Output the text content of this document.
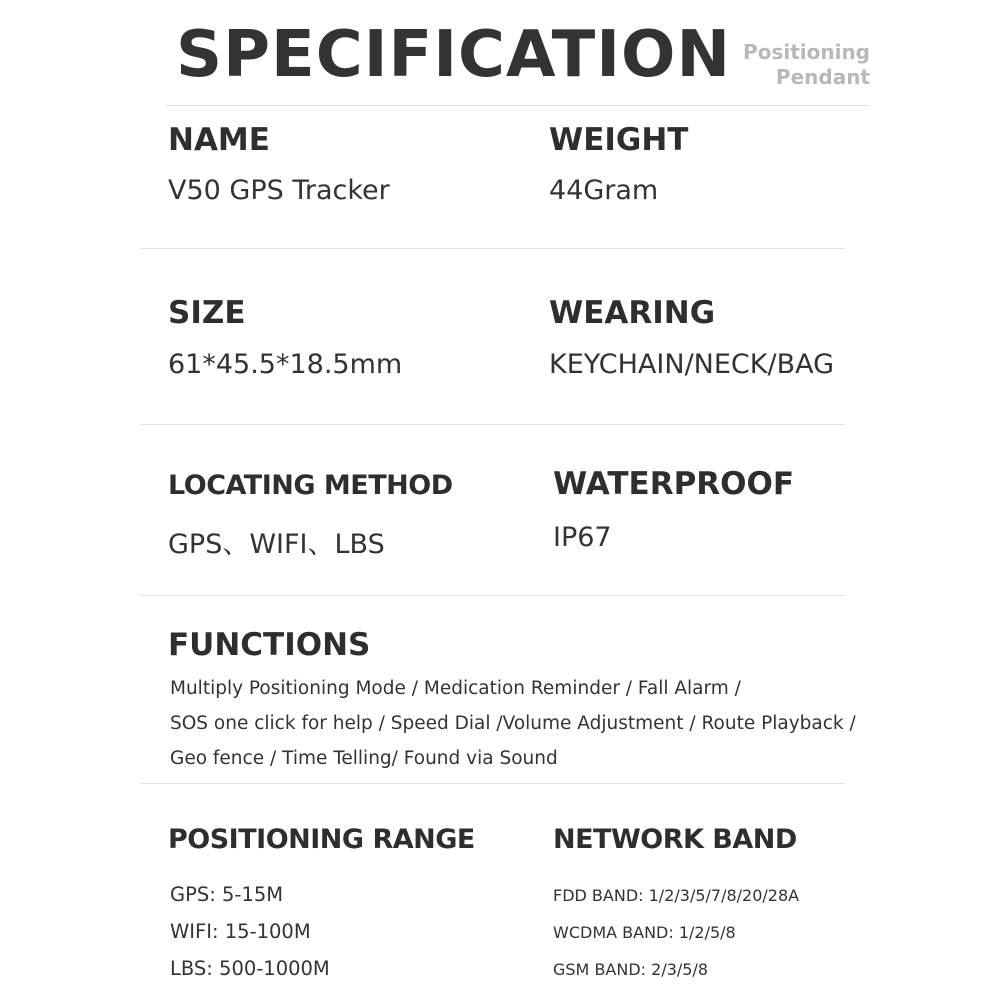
SPECIFICATION Positioning
Pendant
NAME
V50 GPS Tracker
WEIGHT
44Gram
SIZE
61*45.5*18.5mm
WEARING
KEYCHAIN/NECK/BAG
LOCATING METHOD
GPS、WIFI、LBS
WATERPROOF
IP67
FUNCTIONS
Multiply Positioning Mode / Medication Reminder / Fall Alarm /
SOS one click for help / Speed Dial /Volume Adjustment / Route Playback /
Geo fence / Time Telling/ Found via Sound
POSITIONING RANGE
GPS: 5-15M
WIFI: 15-100M
LBS: 500-1000M
NETWORK BAND
FDD BAND: 1/2/3/5/7/8/20/28A
WCDMA BAND: 1/2/5/8
GSM BAND: 2/3/5/8
